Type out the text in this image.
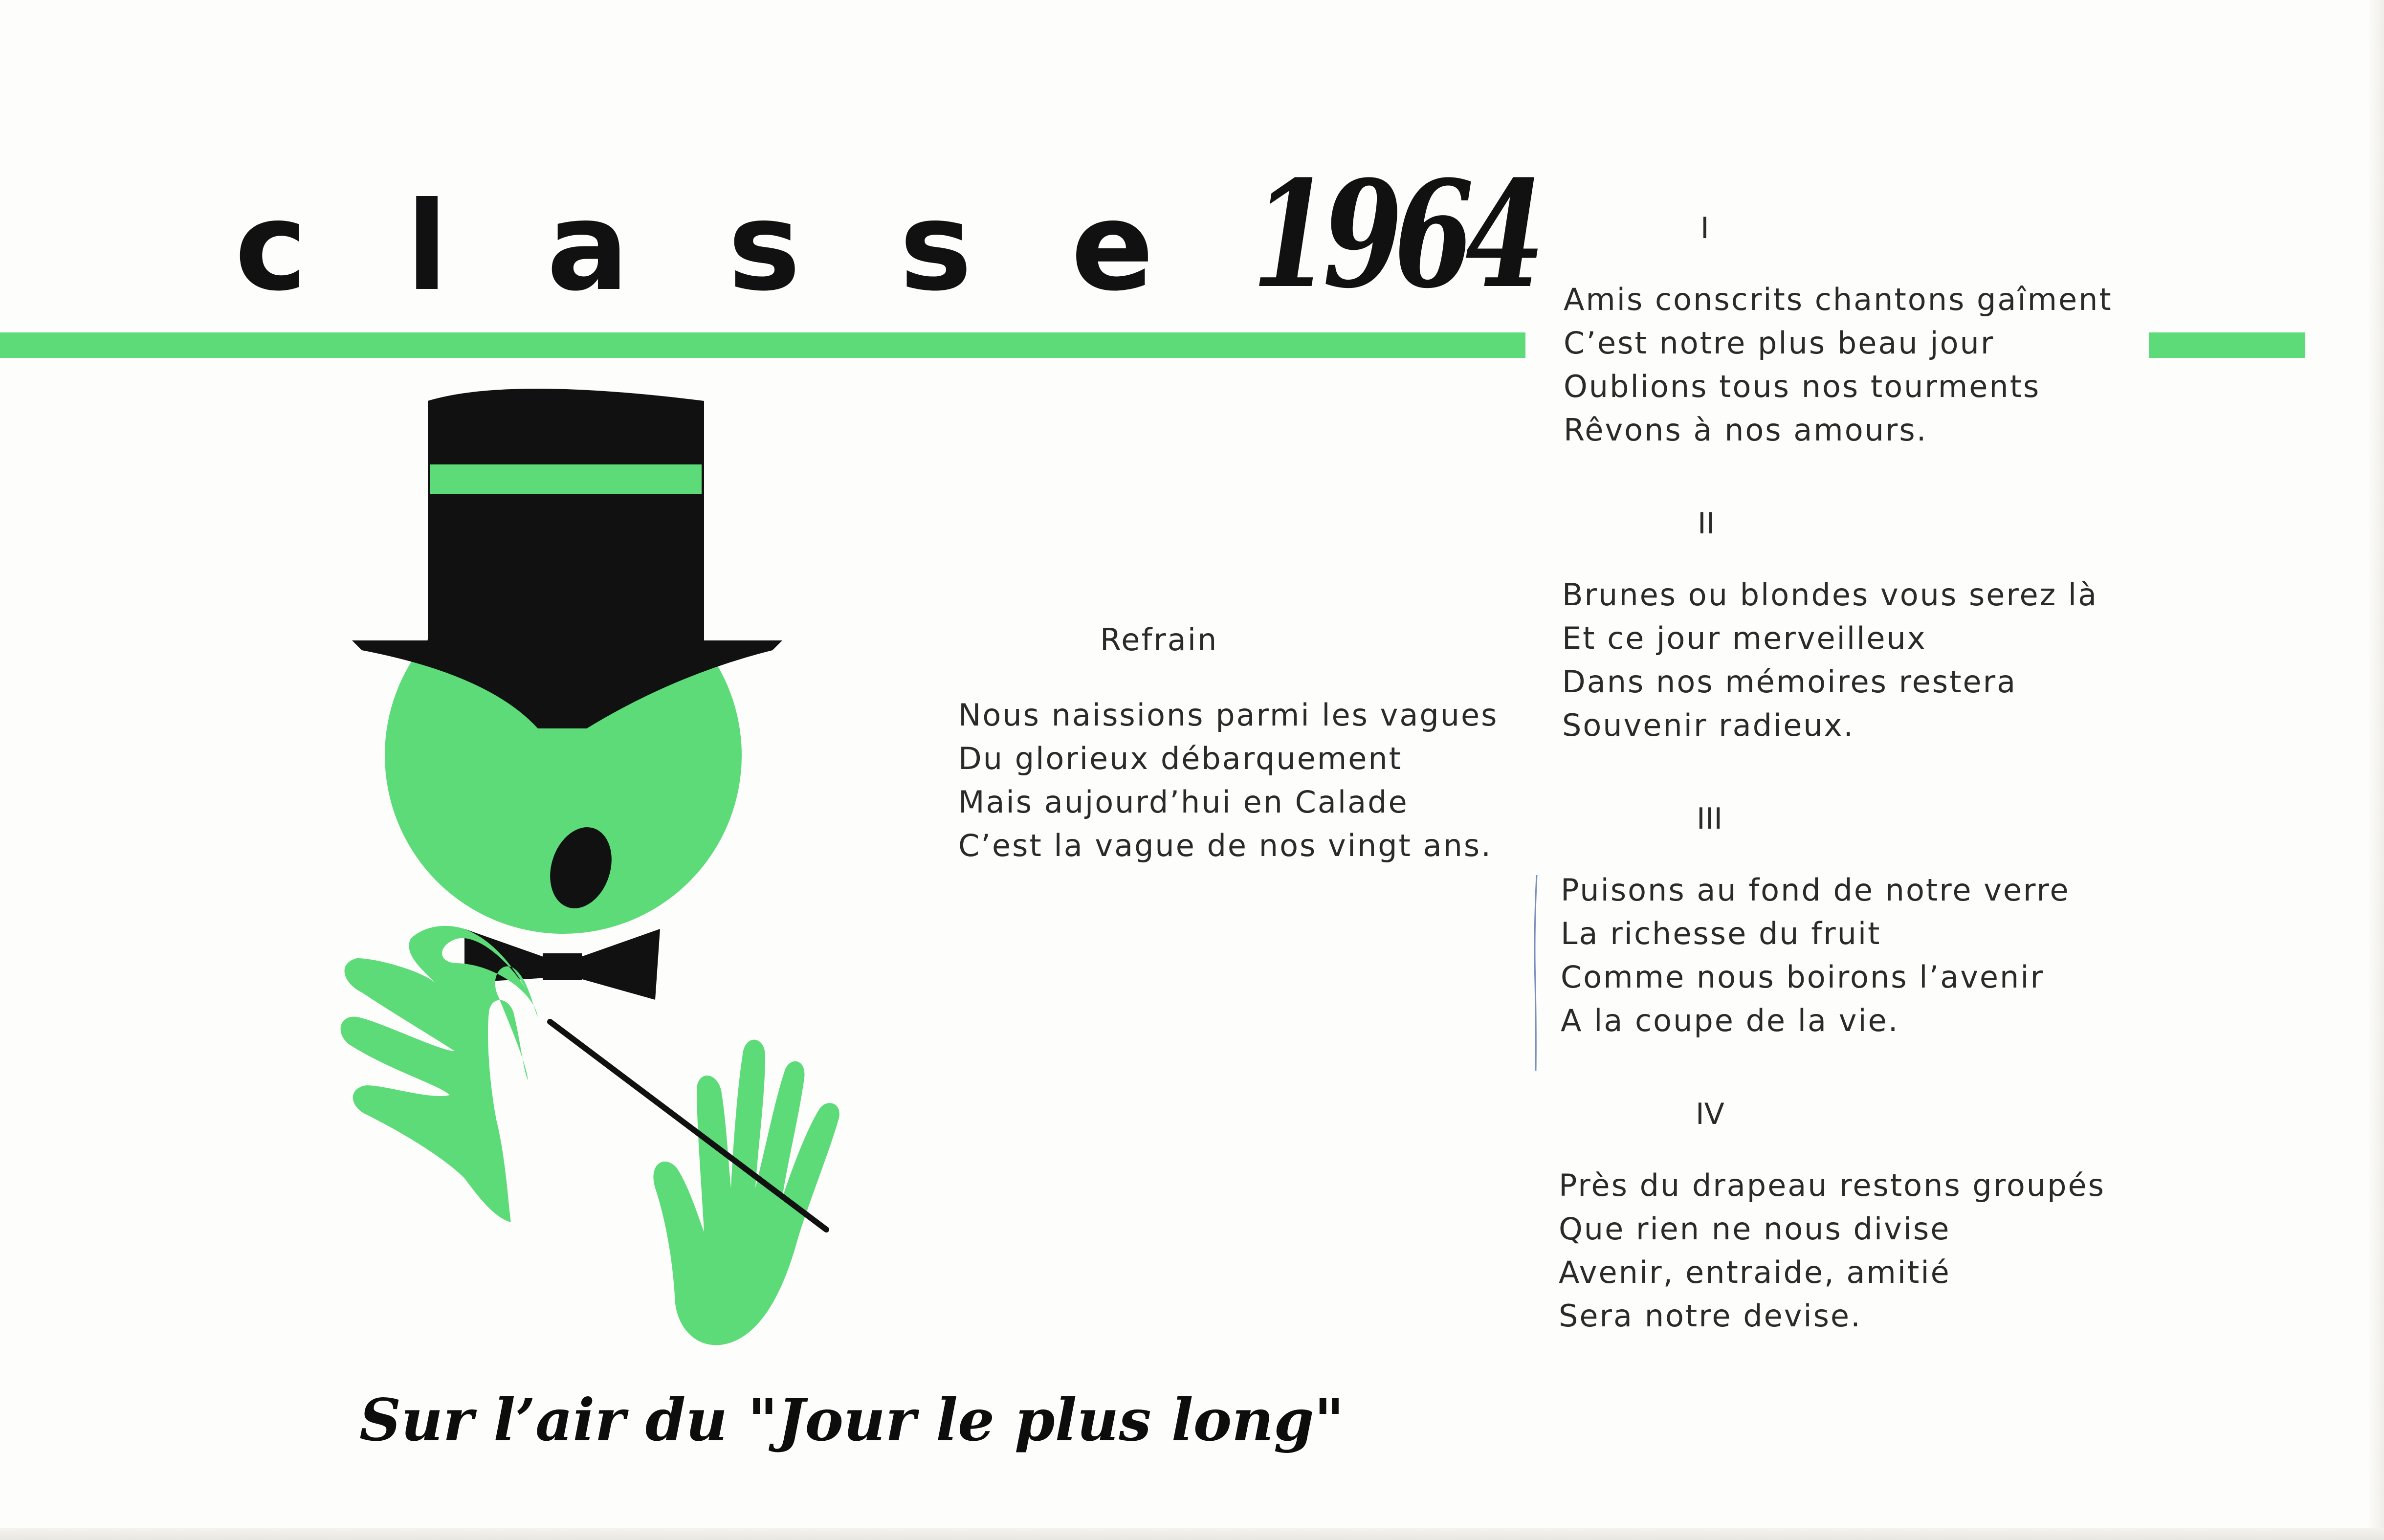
c l a s s e 1964
Refrain
Nous naissions parmi les vagues
Du glorieux débarquement
Mais aujourd’hui en Calade
C’est la vague de nos vingt ans.
I
Amis conscrits chantons gaîment
C’est notre plus beau jour
Oublions tous nos tourments
Rêvons à nos amours.
II
Brunes ou blondes vous serez là
Et ce jour merveilleux
Dans nos mémoires restera
Souvenir radieux.
III
Puisons au fond de notre verre
La richesse du fruit
Comme nous boirons l’avenir
A la coupe de la vie.
IV
Près du drapeau restons groupés
Que rien ne nous divise
Avenir, entraide, amitié
Sera notre devise.
Sur l’air du "Jour le plus long"
